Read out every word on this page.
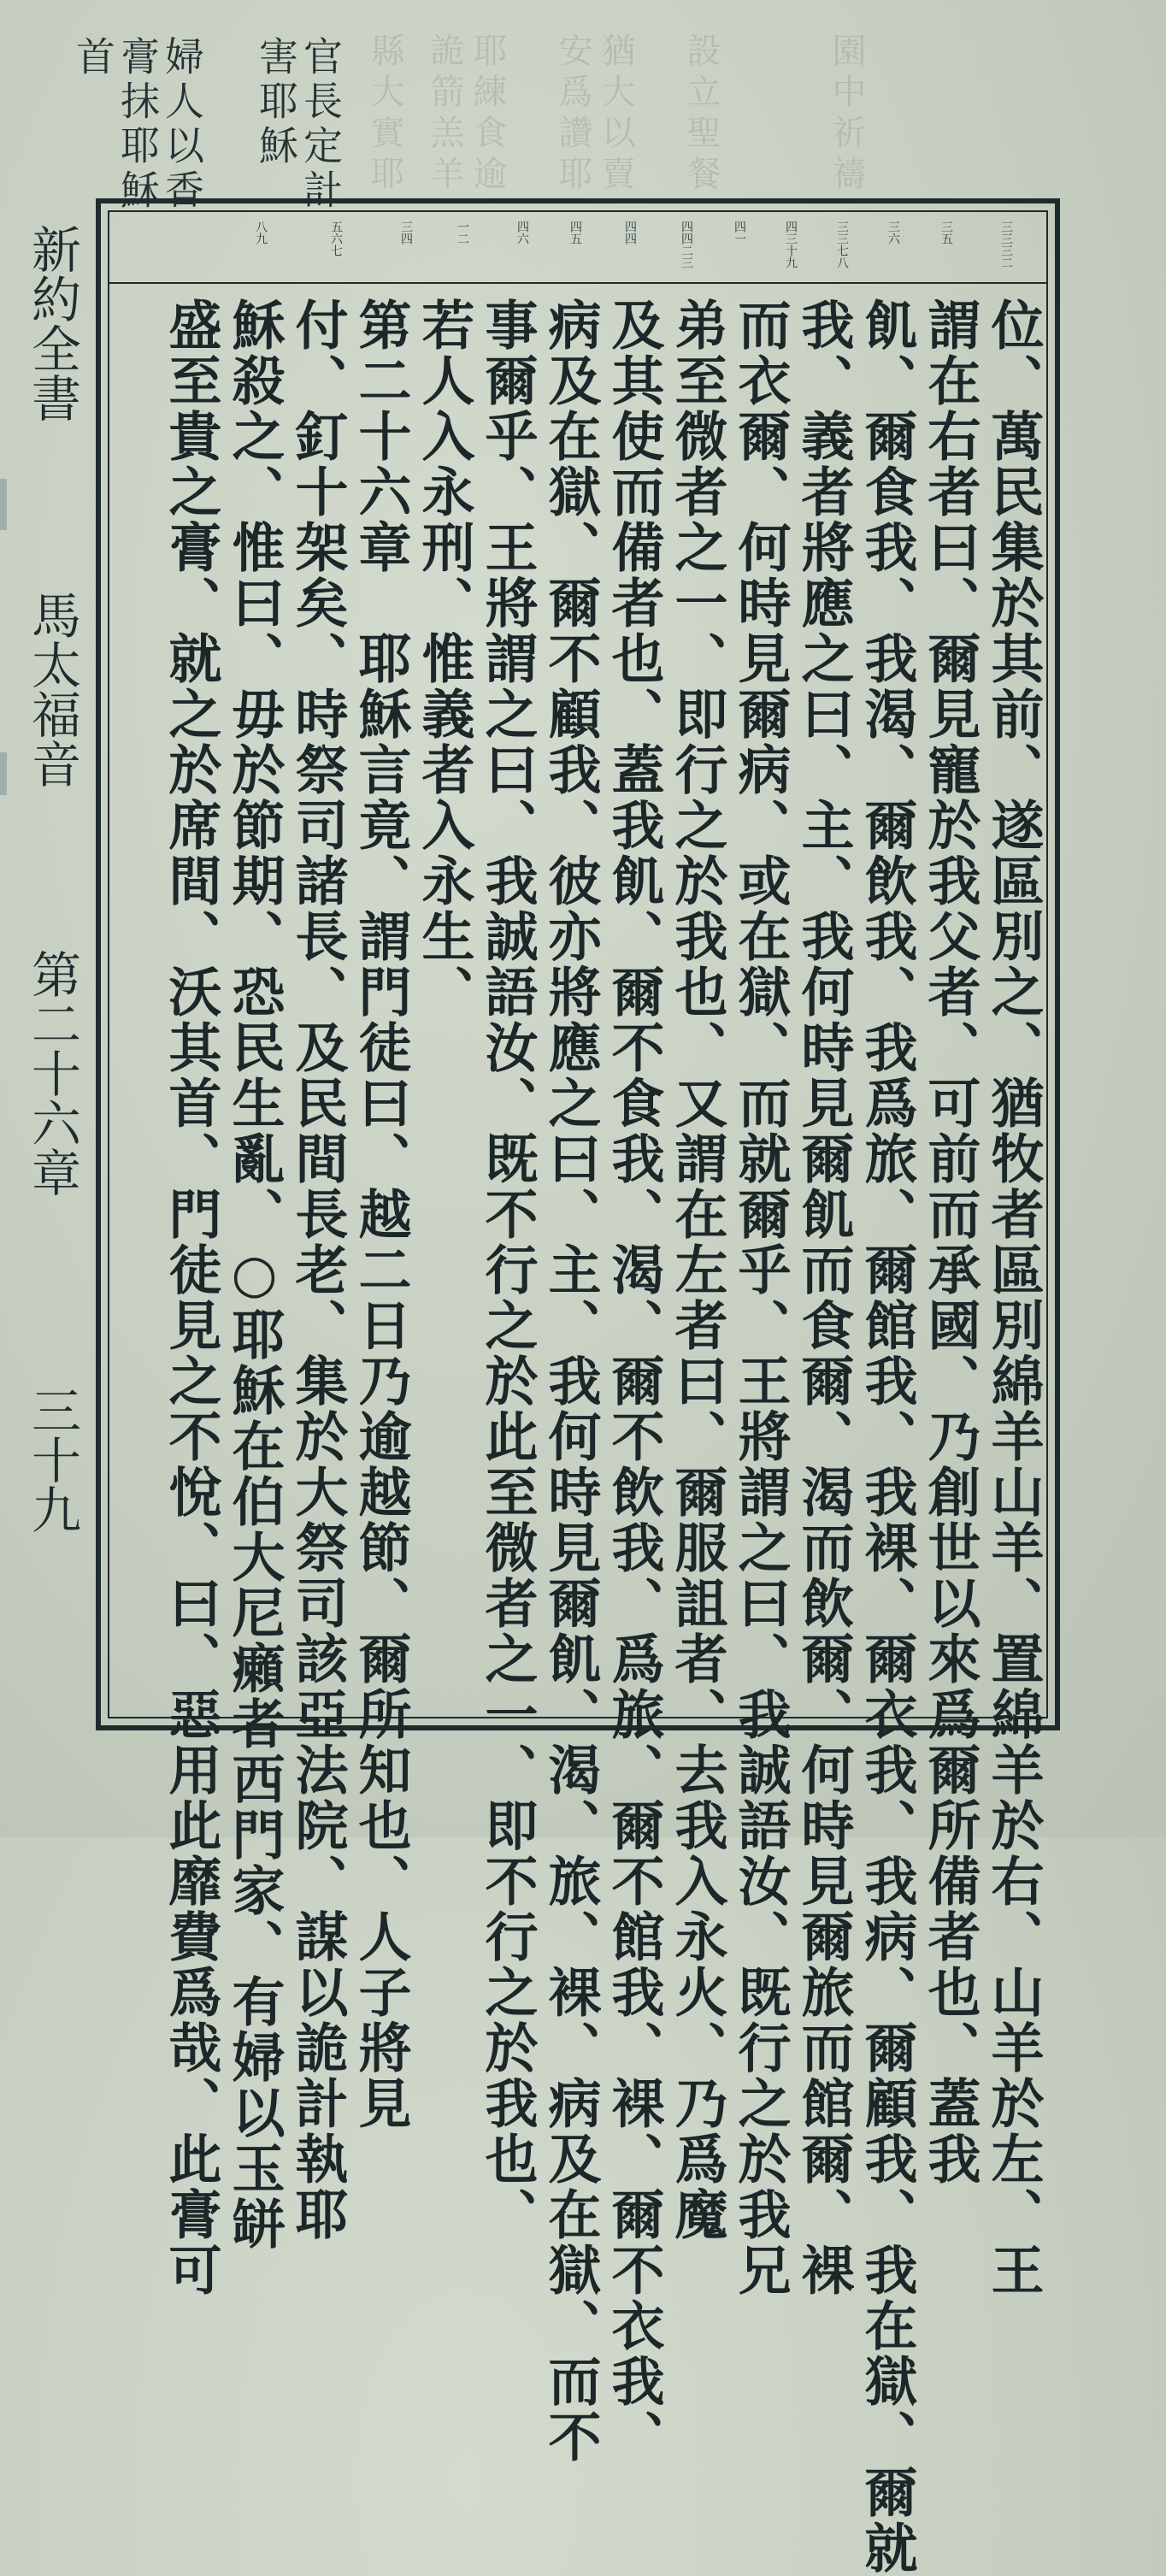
官長定計
害耶穌
婦人以香
膏抹耶穌
首	縣大實耶 詭箭羔羊 耶練食逾 安爲讚耶 猶大以賣 設立聖餐	園中祈禱
三三三二
三五
三六
三三七八
四三十九
四一
四四二三
四四
四五
四六
一二
三四
五六七
八九
位、萬民集於其前、遂區別之、猶牧者區別綿羊山羊、置綿羊於右、山羊於左、王
謂在右者曰、爾見寵於我父者、可前而承國、乃創世以來爲爾所備者也、蓋我
飢、爾食我、我渴、爾飲我、我爲旅、爾館我、我裸、爾衣我、我病、爾顧我、我在獄、爾就
我、義者將應之曰、主、我何時見爾飢而食爾、渴而飲爾、何時見爾旅而館爾、裸
而衣爾、何時見爾病、或在獄、而就爾乎、王將謂之曰、我誠語汝、既行之於我兄
弟至微者之一、即行之於我也、又謂在左者曰、爾服詛者、去我入永火、乃爲魔
及其使而備者也、蓋我飢、爾不食我、渴、爾不飲我、爲旅、爾不館我、裸、爾不衣我、
病及在獄、爾不顧我、彼亦將應之曰、主、我何時見爾飢、渴、旅、裸、病及在獄、而不
事爾乎、王將謂之曰、我誠語汝、既不行之於此至微者之一、即不行之於我也、
若人入永刑、惟義者入永生、
第二十六章　耶穌言竟、謂門徒曰、越二日乃逾越節、爾所知也、人子將見
付、釘十架矣、時祭司諸長、及民間長老、集於大祭司該亞法院、謀以詭計執耶
穌殺之、惟曰、毋於節期、恐民生亂、○耶穌在伯大尼癩者西門家、有婦以玉缾
盛至貴之膏、就之於席間、沃其首、門徒見之不悅、曰、惡用此靡費爲哉、此膏可
新約全書
馬太福音
第二十六章
三十九
